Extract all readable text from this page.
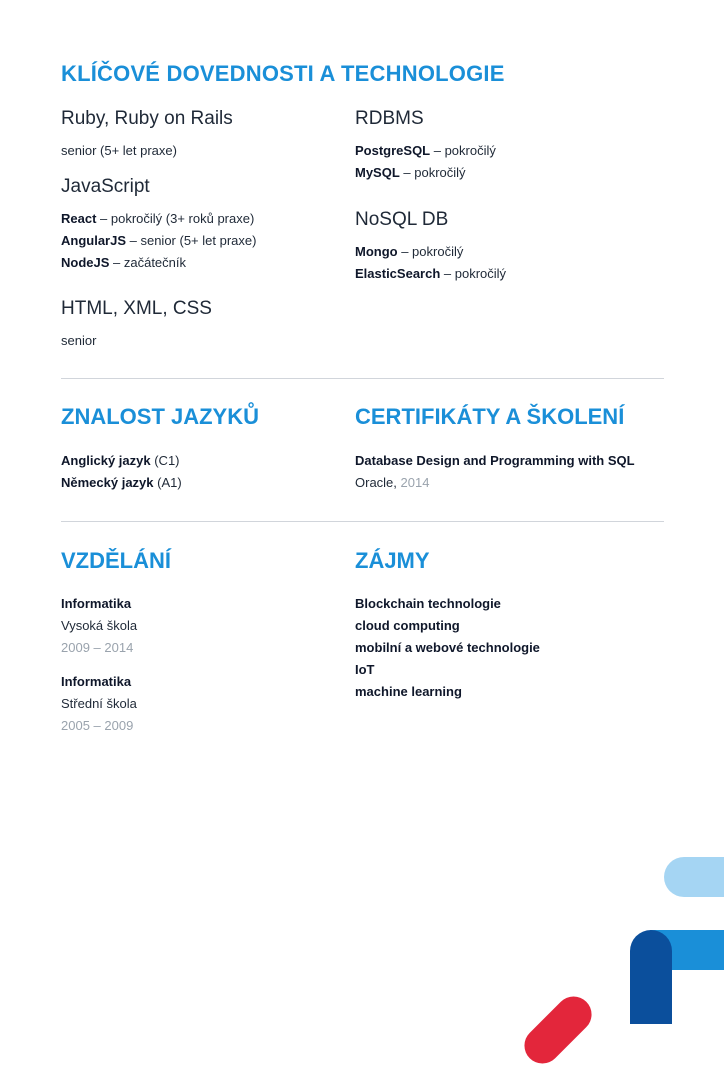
KLÍČOVÉ DOVEDNOSTI A TECHNOLOGIE

Ruby, Ruby on Rails

senior (5+ let praxe)

JavaScript

React – pokročilý (3+ roků praxe)

AngularJS – senior (5+ let praxe)

NodeJS – začátečník

HTML, XML, CSS

senior

RDBMS

PostgreSQL – pokročilý

MySQL – pokročilý

NoSQL DB

Mongo – pokročilý

ElasticSearch – pokročilý

ZNALOST JAZYKŮ

Anglický jazyk (C1)

Německý jazyk (A1)

CERTIFIKÁTY A ŠKOLENÍ

Database Design and Programming with SQL

Oracle, 2014

VZDĚLÁNÍ

Informatika

Vysoká škola

2009 – 2014

Informatika

Střední škola

2005 – 2009

ZÁJMY

Blockchain technologie

cloud computing

mobilní a webové technologie

IoT

machine learning
